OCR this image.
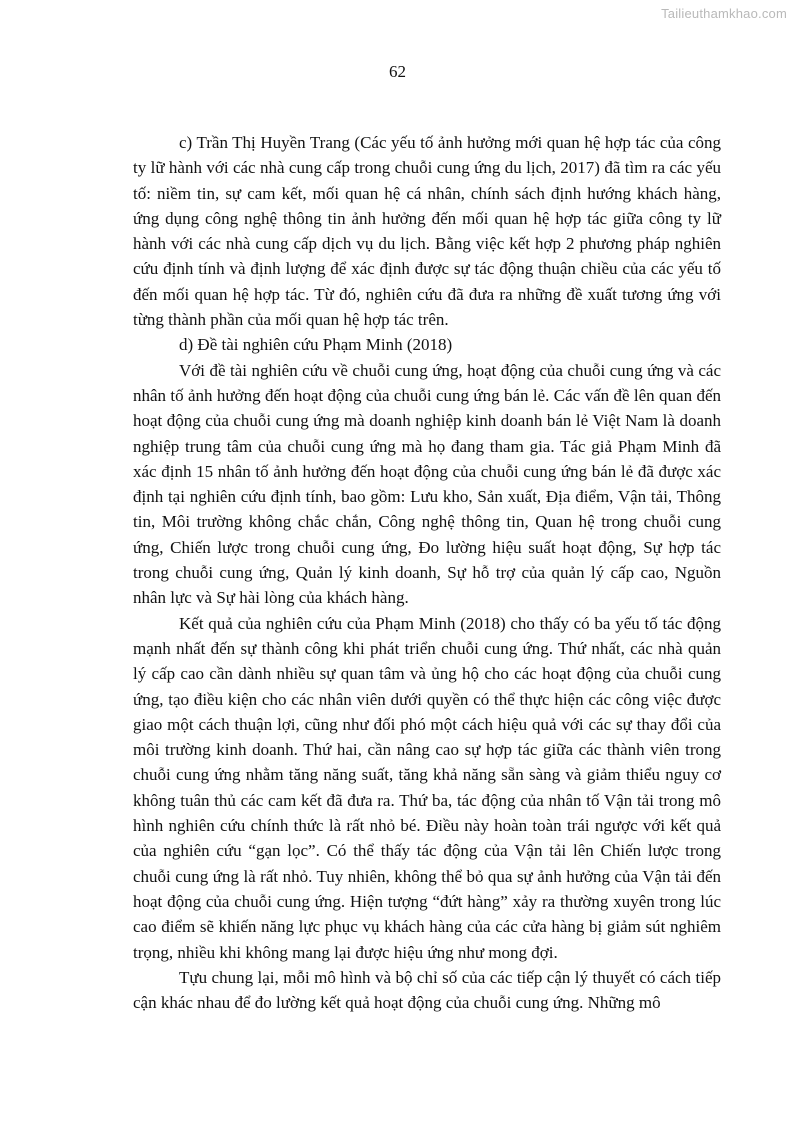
Tailieuthamkhao.com
62

c) Trần Thị Huyền Trang (Các yếu tố ảnh hưởng mới quan hệ hợp tác của công ty lữ hành với các nhà cung cấp trong chuỗi cung ứng du lịch, 2017) đã tìm ra các yếu tố: niềm tin, sự cam kết, mối quan hệ cá nhân, chính sách định hướng khách hàng, ứng dụng công nghệ thông tin ảnh hưởng đến mối quan hệ hợp tác giữa công ty lữ hành với các nhà cung cấp dịch vụ du lịch. Bằng việc kết hợp 2 phương pháp nghiên cứu định tính và định lượng để xác định được sự tác động thuận chiều của các yếu tố đến mối quan hệ hợp tác. Từ đó, nghiên cứu đã đưa ra những đề xuất tương ứng với từng thành phần của mối quan hệ hợp tác trên.

d) Đề tài nghiên cứu Phạm Minh (2018)

Với đề tài nghiên cứu về chuỗi cung ứng, hoạt động của chuỗi cung ứng và các nhân tố ảnh hưởng đến hoạt động của chuỗi cung ứng bán lẻ. Các vấn đề lên quan đến hoạt động của chuỗi cung ứng mà doanh nghiệp kinh doanh bán lẻ Việt Nam là doanh nghiệp trung tâm của chuỗi cung ứng mà họ đang tham gia. Tác giả Phạm Minh đã xác định 15 nhân tố ảnh hưởng đến hoạt động của chuỗi cung ứng bán lẻ đã được xác định tại nghiên cứu định tính, bao gồm: Lưu kho, Sản xuất, Địa điểm, Vận tải, Thông tin, Môi trường không chắc chắn, Công nghệ thông tin, Quan hệ trong chuỗi cung ứng, Chiến lược trong chuỗi cung ứng, Đo lường hiệu suất hoạt động, Sự hợp tác trong chuỗi cung ứng, Quản lý kinh doanh, Sự hỗ trợ của quản lý cấp cao, Nguồn nhân lực và Sự hài lòng của khách hàng.

Kết quả của nghiên cứu của Phạm Minh (2018) cho thấy có ba yếu tố tác động mạnh nhất đến sự thành công khi phát triển chuỗi cung ứng. Thứ nhất, các nhà quản lý cấp cao cần dành nhiều sự quan tâm và ủng hộ cho các hoạt động của chuỗi cung ứng, tạo điều kiện cho các nhân viên dưới quyền có thể thực hiện các công việc được giao một cách thuận lợi, cũng như đối phó một cách hiệu quả với các sự thay đổi của môi trường kinh doanh. Thứ hai, cần nâng cao sự hợp tác giữa các thành viên trong chuỗi cung ứng nhằm tăng năng suất, tăng khả năng sẵn sàng và giảm thiểu nguy cơ không tuân thủ các cam kết đã đưa ra. Thứ ba, tác động của nhân tố Vận tải trong mô hình nghiên cứu chính thức là rất nhỏ bé. Điều này hoàn toàn trái ngược với kết quả của nghiên cứu “gạn lọc”. Có thể thấy tác động của Vận tải lên Chiến lược trong chuỗi cung ứng là rất nhỏ. Tuy nhiên, không thể bỏ qua sự ảnh hưởng của Vận tải đến hoạt động của chuỗi cung ứng. Hiện tượng “đứt hàng” xảy ra thường xuyên trong lúc cao điểm sẽ khiến năng lực phục vụ khách hàng của các cửa hàng bị giảm sút nghiêm trọng, nhiều khi không mang lại được hiệu ứng như mong đợi.

Tựu chung lại, mỗi mô hình và bộ chỉ số của các tiếp cận lý thuyết có cách tiếp cận khác nhau để đo lường kết quả hoạt động của chuỗi cung ứng. Những mô
